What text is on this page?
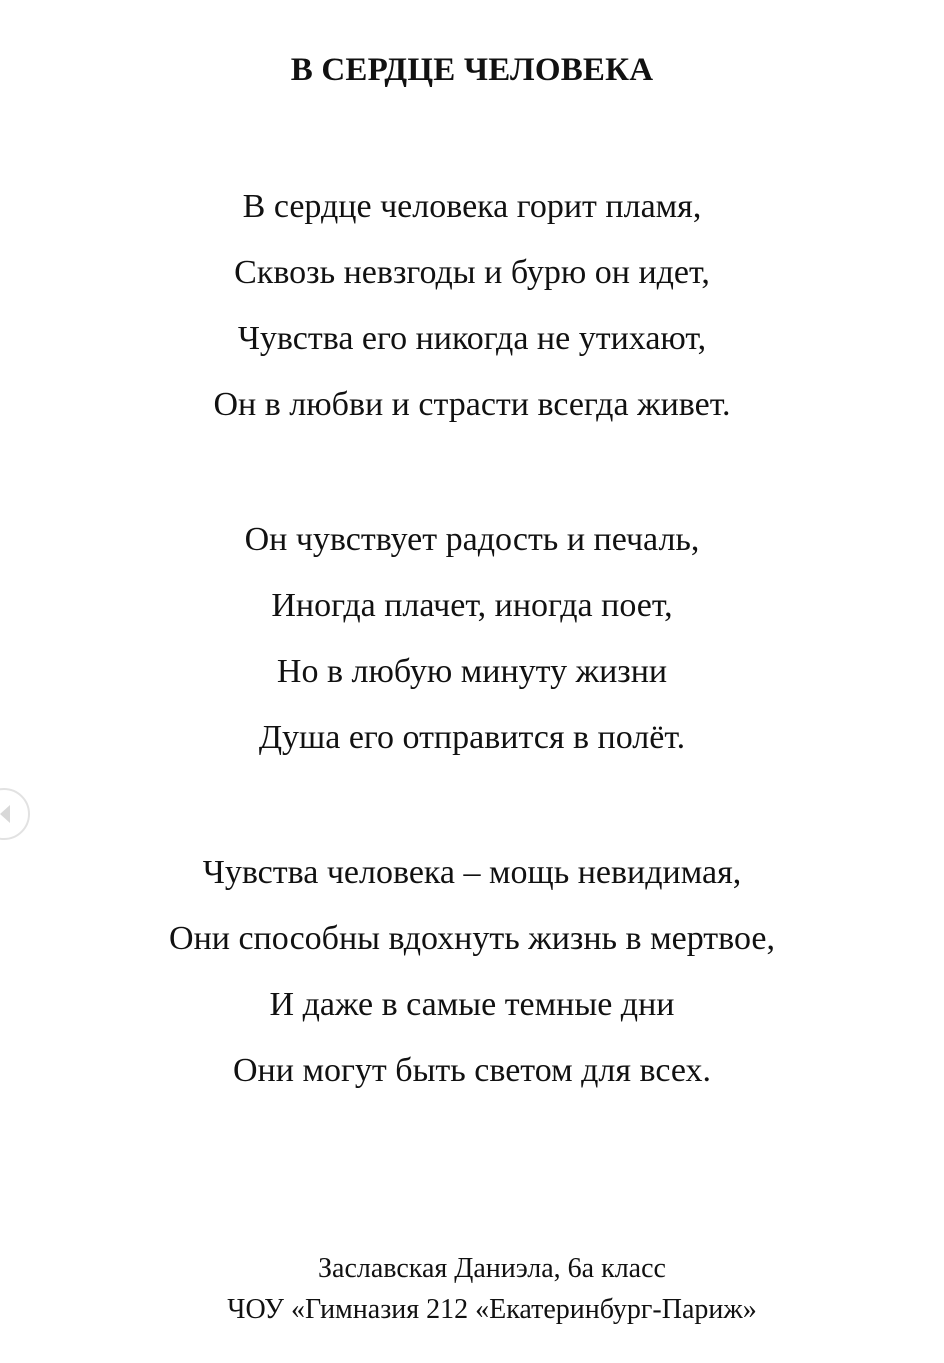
В СЕРДЦЕ ЧЕЛОВЕКА
В сердце человека горит пламя,
Сквозь невзгоды и бурю он идет,
Чувства его никогда не утихают,
Он в любви и страсти всегда живет.
Он чувствует радость и печаль,
Иногда плачет, иногда поет,
Но в любую минуту жизни
Душа его отправится в полёт.
Чувства человека – мощь невидимая,
Они способны вдохнуть жизнь в мертвое,
И даже в самые темные дни
Они могут быть светом для всех.
Заславская Даниэла, 6а класс
ЧОУ «Гимназия 212 «Екатеринбург-Париж»
